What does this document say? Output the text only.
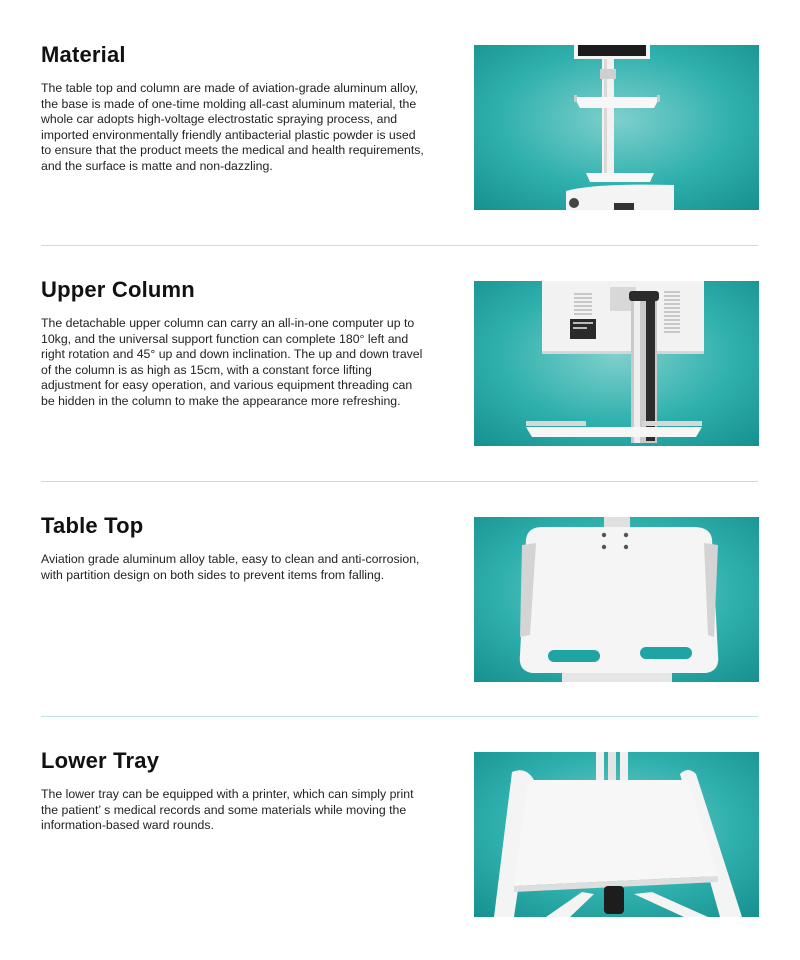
Material

The table top and column are made of aviation-grade aluminum alloy, the base is made of one-time molding all-cast aluminum material, the whole car adopts high-voltage electrostatic spraying process, and imported environmentally friendly antibacterial plastic powder is used to ensure that the product meets the medical and health requirements, and the surface is matte and non-dazzling.

Upper Column

The detachable upper column can carry an all-in-one computer up to 10kg, and the universal support function can complete 180° left and right rotation and 45° up and down inclination. The up and down travel of the column is as high as 15cm, with a constant force lifting adjustment for easy operation, and various equipment threading can be hidden in the column to make the appearance more refreshing.

Table Top

Aviation grade aluminum alloy table, easy to clean and anti-corrosion, with partition design on both sides to prevent items from falling.

Lower Tray

The lower tray can be equipped with a printer, which can simply print the patient’ s medical records and some materials while moving the information-based ward rounds.
